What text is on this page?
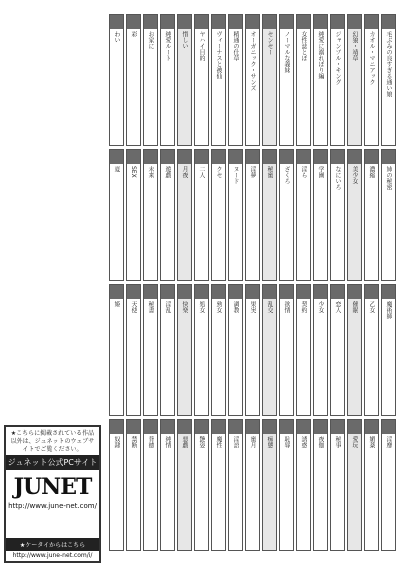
毛ぶみの良すぎる通い娘
カオル・マニアック
幻狼・靖草
ジャンプル・キング
純愛に溺れぼり編
女性誌とぼ
ノーマルな義妹
センセー
オーガニック・サンズ
精通の仕草
ヴィーナスと被仙
ヤハイ目的
惜しい
純愛ルート
お家に
彩
わい
姉の秘密
濃縮
美少女
なにいろ
学園
淫ら
ざくろ
秘蜜
淫夢
ヌード
クセ
二人
月夜
遊戯
未来
SEX
夏
魔術師
乙女
催眠
恋人
少女
契約
欲情
乱交
果実
調教
熟女
処女
快楽
淫乱
秘書
天使
姫
淫靡
媚薬
愛玩
秘事
夜伽
誘惑
恥辱
痴態
蜜月
淫語
魔性
艶姿
悪戯
純情
背徳
禁断
奴隷
★こちらに掲載されている作品以外は、ジュネットのウェブサイトでご覧ください。
ジュネット公式PCサイト
JUNET
http://www.june-net.com/
★ケータイからはこちら
http://www.june-net.com/i/
